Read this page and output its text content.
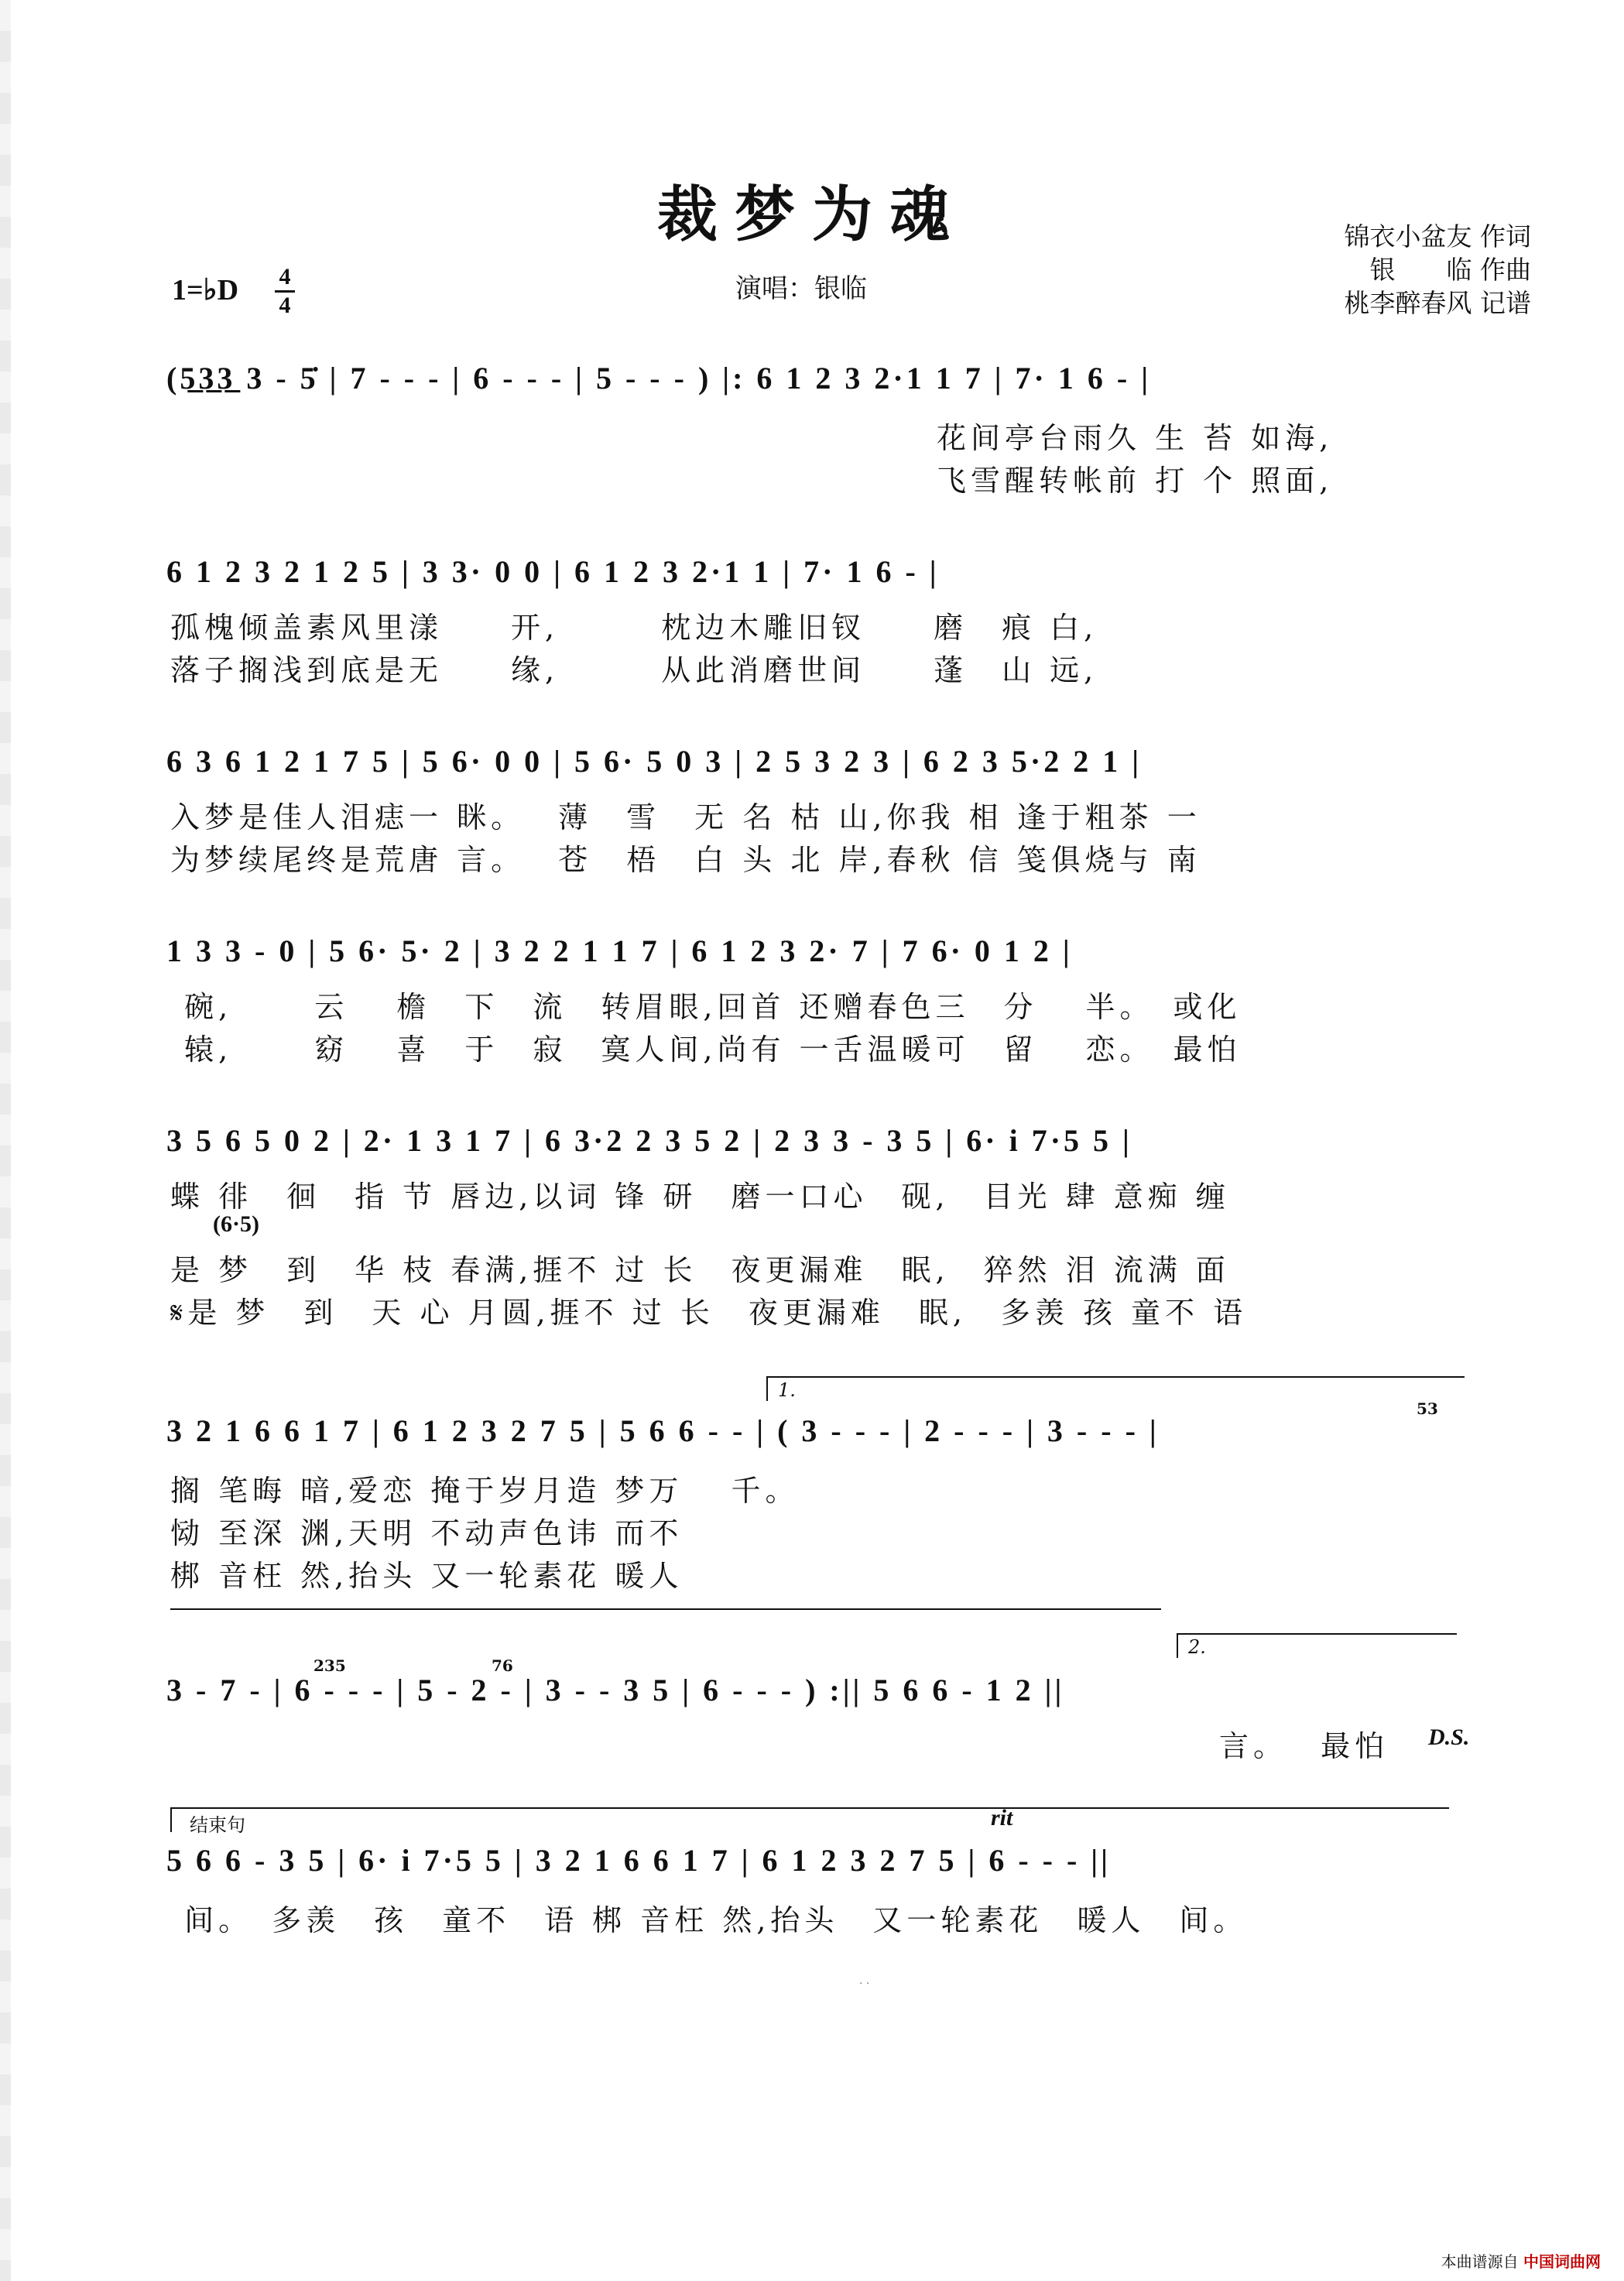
裁梦为魂	锦衣小盆友 作词
银　　临 作曲
桃李醉春风 记谱
演唱：银临
1=♭D 4
4
(5̲3̲3̲ 3 - 5̇ | 7 - - - | 6 - - - | 5 - - - ) |: 6 1 2 3 2·1 1 7 | 7· 1 6 - |
花间亭台雨久 生 苔 如海,
飞雪醒转帐前 打 个 照面,
6 1 2 3 2 1 2 5 | 3 3· 0 0 | 6 1 2 3 2·1 1 | 7· 1 6 - |
孤槐倾盖素风里漾　　开,　　　枕边木雕旧钗　　磨　痕 白,
落子搁浅到底是无　　缘,　　　从此消磨世间　　蓬　山 远,
6 3 6 1 2 1 7 5 | 5 6· 0 0 | 5 6· 5 0 3 | 2 5 3 2 3 | 6 2 3 5·2 2 1 |
入梦是佳人泪痣一 眯。　 薄　雪　无 名 枯 山,你我 相 逢于粗茶 一
为梦续尾终是荒唐 言。　 苍　梧　白 头 北 岸,春秋 信 笺俱烧与 南
1 3 3 - 0 | 5 6· 5· 2 | 3 2 2 1 1 7 | 6 1 2 3 2· 7 | 7 6· 0 1 2 |
碗,　　 云　 檐　下　流　转眉眼,回首 还赠春色三　分　 半。　或化
辕,　　 窈　 喜　于　寂　寞人间,尚有 一舌温暖可　留　 恋。　最怕
3 5 6 5 0 2 | 2· 1 3 1 7 | 6 3·2 2 3 5 2 | 2 3 3 - 3 5 | 6· i 7·5 5 |
蝶 徘　徊　指 节 唇边,以词 锋 研　磨一口心　砚,　目光 肆 意痴 缠
(6·5)
是 梦　到　华 枝 春满,捱不 过 长　夜更漏难　眠,　猝然 泪 流满 面
𝄋是 梦　到　天 心 月圆,捱不 过 长　夜更漏难　眠,　多羡 孩 童不 语
1.
3 2 1 6 6 1 7 | 6 1 2 3 2 7 5 | 5 6 6 - - | ( 3 - - - | 2 - - - | 3 - - - |
53
搁 笔晦 暗,爱恋 掩于岁月造 梦万　 千。
恸 至深 渊,天明 不动声色讳 而不
梆 音枉 然,抬头 又一轮素花 暖人
2.
235	76
3 - 7 - | 6 - - - | 5 - 2 - | 3 - - 3 5 | 6 - - - ) :|| 5 6 6 - 1 2 ||
言。　 最怕	D.S.
结束句	rit
5 6 6 - 3 5 | 6· i 7·5 5 | 3 2 1 6 6 1 7 | 6 1 2 3 2 7 5 | 6 - - - ||
间。　多羡　孩　童不　语 梆 音枉 然,抬头　又一轮素花　暖人　间。
· ·
本曲谱源自 中国词曲网
